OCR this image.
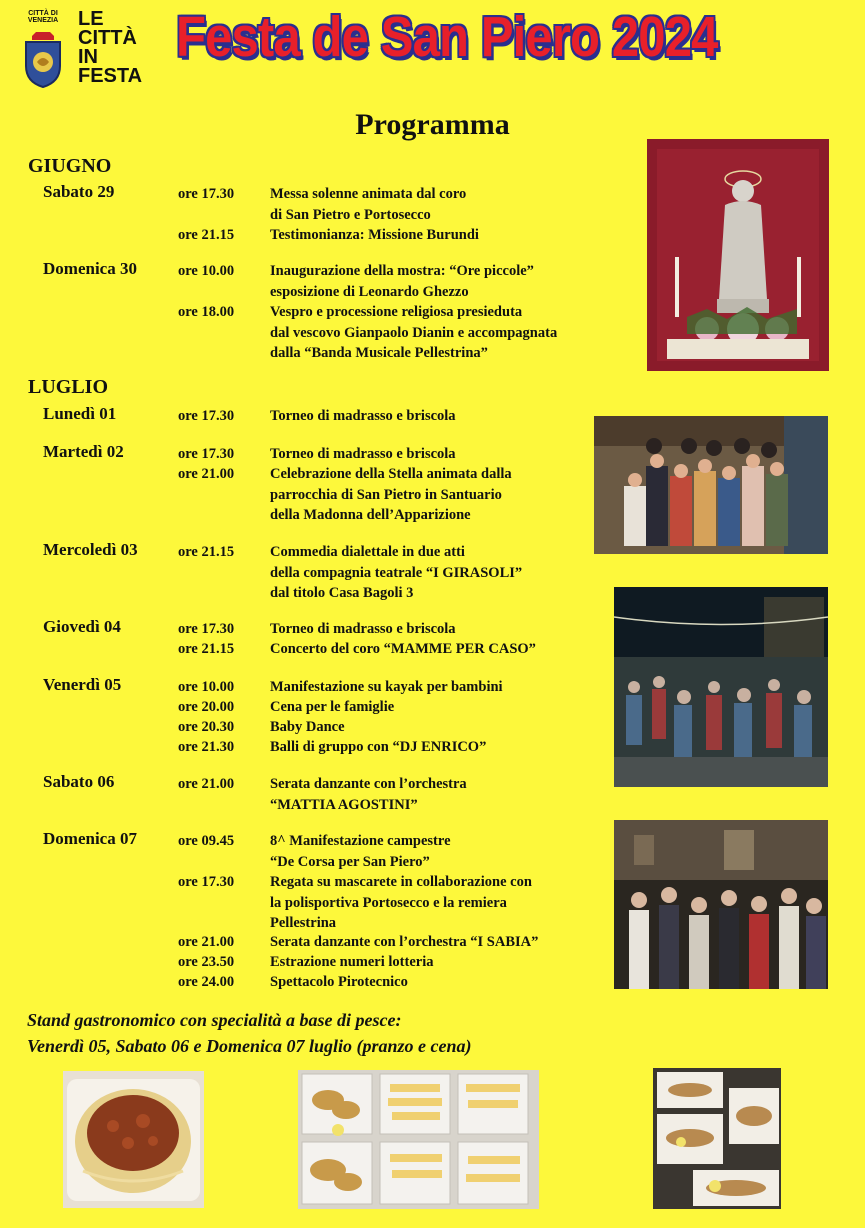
CITTÀ DI VENEZIA LE
CITTÀ
IN
FESTA
Festa de San Piero 2024
Programma
GIUGNO
LUGLIO
Sabato 29	ore 17.30 Messa solenne animata dal coro
di San Pietro e Portosecco
ore 21.15 Testimonianza: Missione Burundi
Domenica 30	ore 10.00 Inaugurazione della mostra: “Ore piccole”
esposizione di Leonardo Ghezzo
ore 18.00 Vespro e processione religiosa presieduta
dal vescovo Gianpaolo Dianin e accompagnata
dalla “Banda Musicale Pellestrina”
Lunedì 01	ore 17.30 Torneo di madrasso e briscola
Martedì 02	ore 17.30 Torneo di madrasso e briscola
ore 21.00 Celebrazione della Stella animata dalla
parrocchia di San Pietro in Santuario
della Madonna dell’Apparizione
Mercoledì 03	ore 21.15 Commedia dialettale in due atti
della compagnia teatrale “I GIRASOLI”
dal titolo Casa Bagoli 3
Giovedì 04	ore 17.30 Torneo di madrasso e briscola
ore 21.15 Concerto del coro “MAMME PER CASO”
Venerdì 05	ore 10.00 Manifestazione su kayak per bambini
ore 20.00 Cena per le famiglie
ore 20.30 Baby Dance
ore 21.30 Balli di gruppo con “DJ ENRICO”
Sabato 06	ore 21.00 Serata danzante con l’orchestra
“MATTIA AGOSTINI”
Domenica 07	ore 09.45 8^ Manifestazione campestre
“De Corsa per San Piero”
ore 17.30 Regata su mascarete in collaborazione con
la polisportiva Portosecco e la remiera
Pellestrina
ore 21.00 Serata danzante con l’orchestra “I SABIA”
ore 23.50 Estrazione numeri lotteria
ore 24.00 Spettacolo Pirotecnico
Stand gastronomico con specialità a base di pesce:
Venerdì 05, Sabato 06 e Domenica 07 luglio (pranzo e cena)
